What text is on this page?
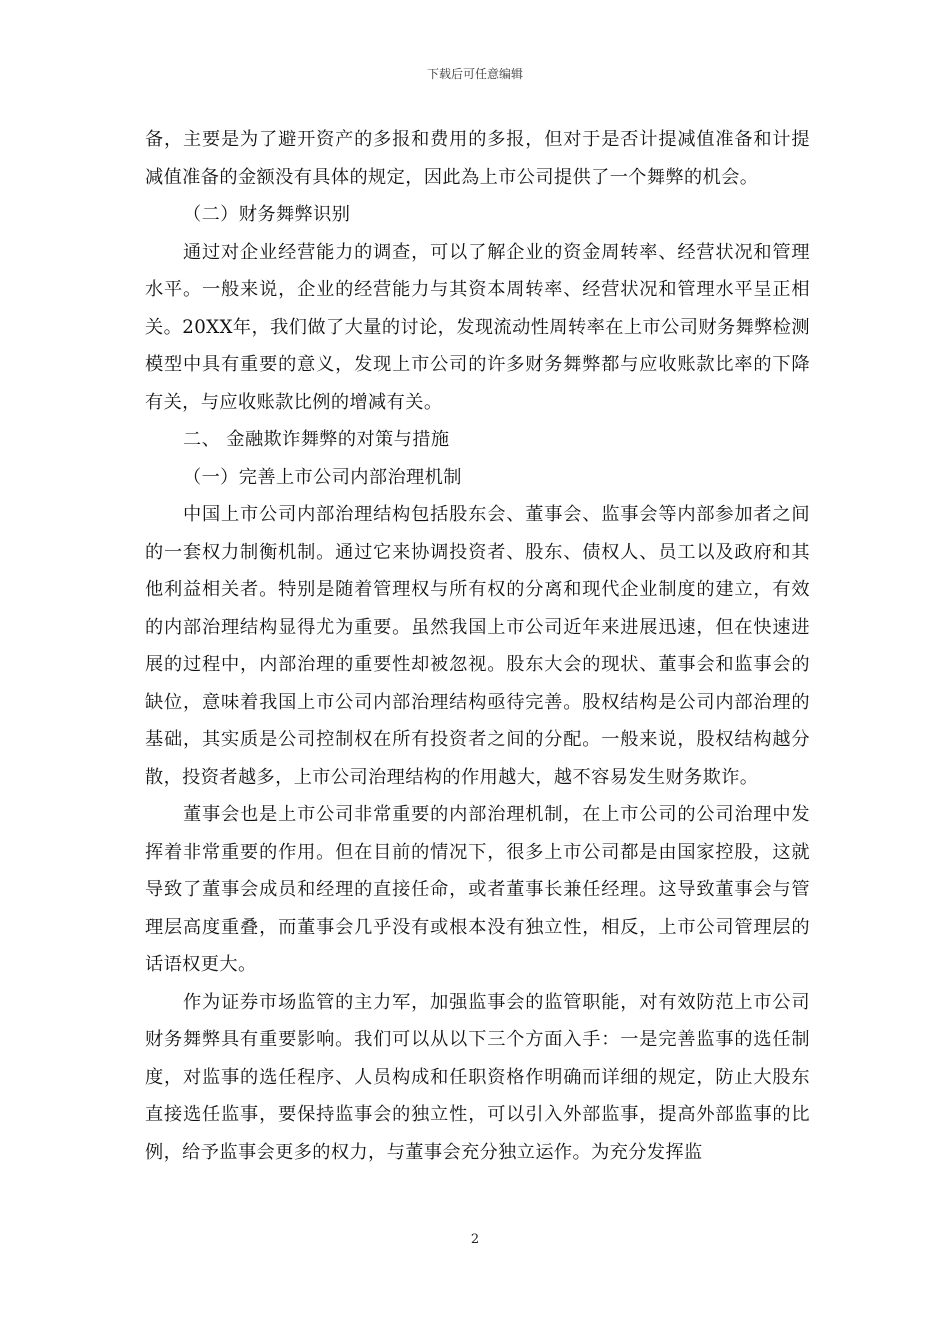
下载后可任意编辑

备，主要是为了避开资产的多报和费用的多报，但对于是否计提减值准备和计提减值准备的金额没有具体的规定，因此為上市公司提供了一个舞弊的机会。

（二）财务舞弊识别

通过对企业经营能力的调查，可以了解企业的资金周转率、经营状况和管理水平。一般来说，企业的经营能力与其资本周转率、经营状况和管理水平呈正相关。20XX年，我们做了大量的讨论，发现流动性周转率在上市公司财务舞弊检测模型中具有重要的意义，发现上市公司的许多财务舞弊都与应收账款比率的下降有关，与应收账款比例的增减有关。

二、 金融欺诈舞弊的对策与措施

（一）完善上市公司内部治理机制

中国上市公司内部治理结构包括股东会、董事会、监事会等内部参加者之间的一套权力制衡机制。通过它来协调投资者、股东、债权人、员工以及政府和其他利益相关者。特别是随着管理权与所有权的分离和现代企业制度的建立，有效的内部治理结构显得尤为重要。虽然我国上市公司近年来进展迅速，但在快速进展的过程中，内部治理的重要性却被忽视。股东大会的现状、董事会和监事会的缺位，意味着我国上市公司内部治理结构亟待完善。股权结构是公司内部治理的基础，其实质是公司控制权在所有投资者之间的分配。一般来说，股权结构越分散，投资者越多，上市公司治理结构的作用越大，越不容易发生财务欺诈。

董事会也是上市公司非常重要的内部治理机制，在上市公司的公司治理中发挥着非常重要的作用。但在目前的情况下，很多上市公司都是由国家控股，这就导致了董事会成员和经理的直接任命，或者董事长兼任经理。这导致董事会与管理层高度重叠，而董事会几乎没有或根本没有独立性，相反，上市公司管理层的话语权更大。

作为证券市场监管的主力军，加强监事会的监管职能，对有效防范上市公司财务舞弊具有重要影响。我们可以从以下三个方面入手：一是完善监事的选任制度，对监事的选任程序、人员构成和任职资格作明确而详细的规定，防止大股东直接选任监事，要保持监事会的独立性，可以引入外部监事，提高外部监事的比例，给予监事会更多的权力，与董事会充分独立运作。为充分发挥监

2
